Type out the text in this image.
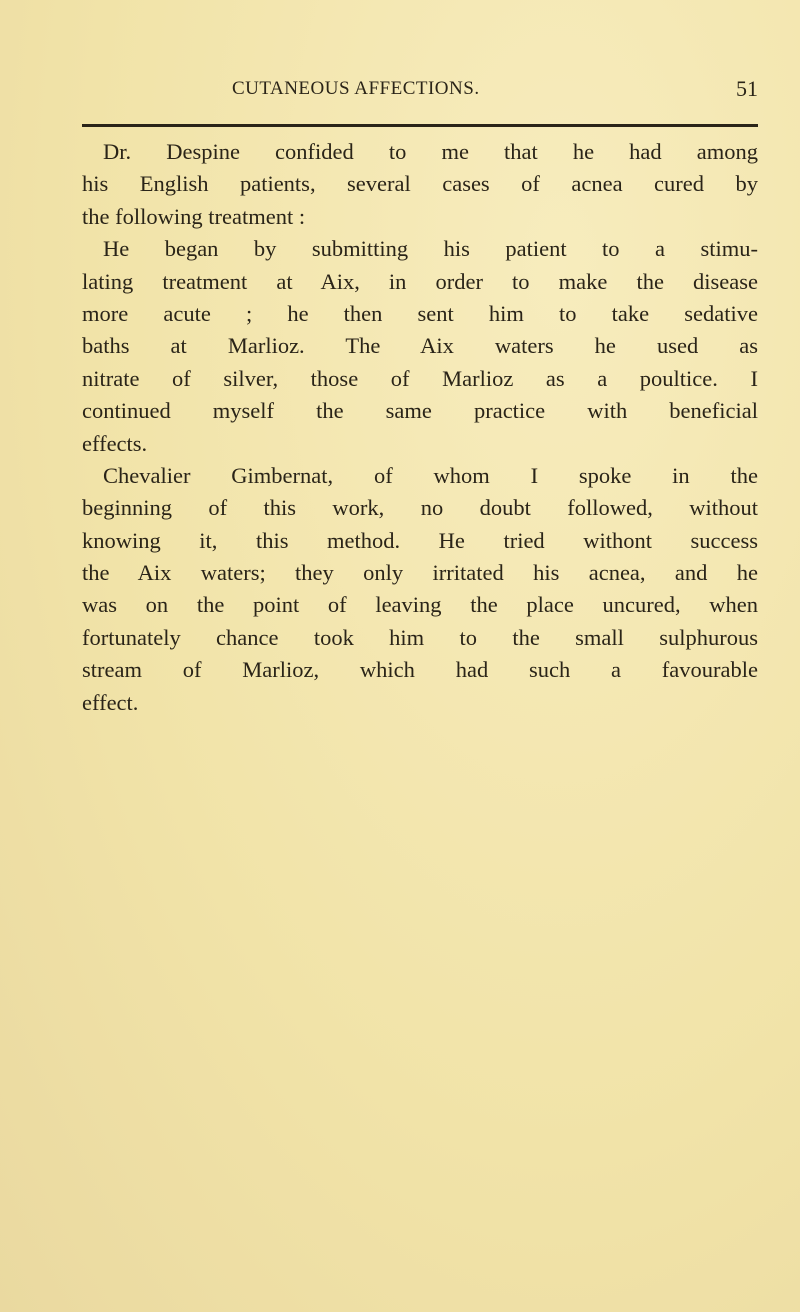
CUTANEOUS AFFECTIONS.	51
Dr. Despine confided to me that he had among
his English patients, several cases of acnea cured by
the following treatment :
He began by submitting his patient to a stimu-
lating treatment at Aix, in order to make the disease
more acute ; he then sent him to take sedative
baths at Marlioz. The Aix waters he used as
nitrate of silver, those of Marlioz as a poultice. I
continued myself the same practice with beneficial
effects.
Chevalier Gimbernat, of whom I spoke in the
beginning of this work, no doubt followed, without
knowing it, this method. He tried withont success
the Aix waters; they only irritated his acnea, and he
was on the point of leaving the place uncured, when
fortunately chance took him to the small sulphurous
stream of Marlioz, which had such a favourable
effect.
